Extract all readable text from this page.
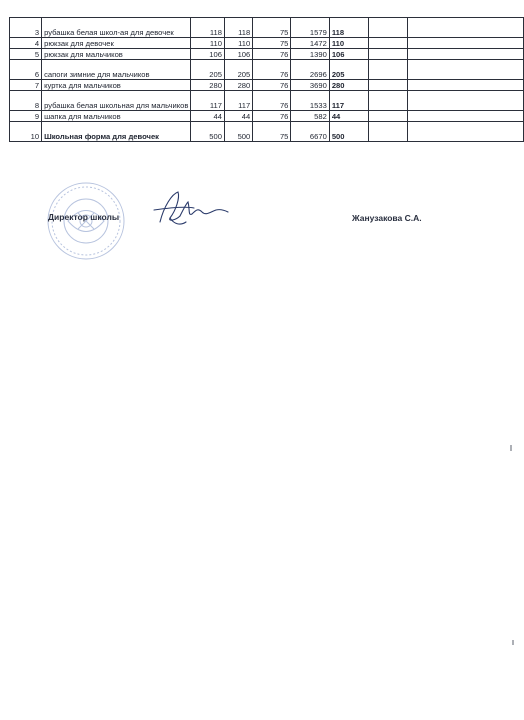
3	рубашка белая школ-ая для девочек	118	118	75	1579	118		
4	рюкзак для девочек	110	110	75	1472	110		
5	рюкзак для мальчиков	106	106	76	1390	106		
6	сапоги зимние для мальчиков	205	205	76	2696	205		
7	куртка для мальчиков	280	280	76	3690	280		
8	рубашка белая школьная для мальчиков	117	117	76	1533	117		
9	шапка для мальчиков	44	44	76	582	44		
10	Школьная форма для девочек	500	500	75	6670	500		
Директор школы	Жанузакова С.А.
